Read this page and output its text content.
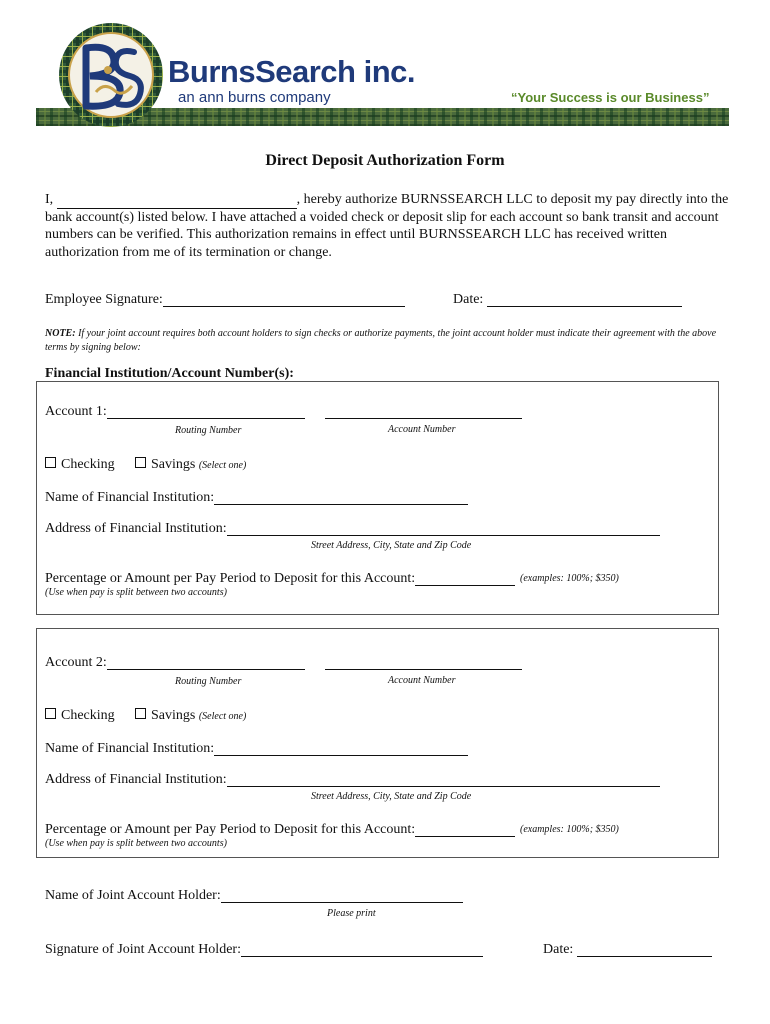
BurnsSearch inc.
an ann burns company	“Your Success is our Business”
Direct Deposit Authorization Form
I,	, hereby authorize BURNSSEARCH LLC to deposit my pay directly into the bank account(s) listed below. I have attached a voided check or deposit slip for each account so bank transit and account numbers can be verified. This authorization remains in effect until BURNSSEARCH LLC has received written authorization from me of its termination or change.
Employee Signature:	Date:
NOTE: If your joint account requires both account holders to sign checks or authorize payments, the joint account holder must indicate their agreement with the above terms by signing below:
Financial Institution/Account Number(s):
Account 1:
Routing Number	Account Number
Checking	Savings (Select one)
Name of Financial Institution:
Address of Financial Institution:
Street Address, City, State and Zip Code
Percentage or Amount per Pay Period to Deposit for this Account:	(examples: 100%; $350)
(Use when pay is split between two accounts)
Account 2:
Routing Number	Account Number
Checking	Savings (Select one)
Name of Financial Institution:
Address of Financial Institution:
Street Address, City, State and Zip Code
Percentage or Amount per Pay Period to Deposit for this Account:	(examples: 100%; $350)
(Use when pay is split between two accounts)
Name of Joint Account Holder:
Please print
Signature of Joint Account Holder:	Date:
